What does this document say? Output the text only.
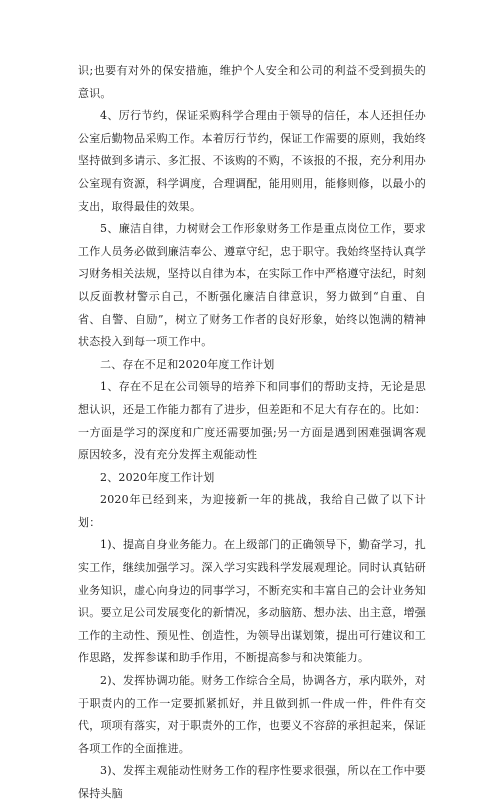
识;也要有对外的保安措施，维护个人安全和公司的利益不受到损失的意识。

4、厉行节约，保证采购科学合理由于领导的信任，本人还担任办公室后勤物品采购工作。本着厉行节约，保证工作需要的原则，我始终坚持做到多请示、多汇报、不该购的不购，不该报的不报，充分利用办公室现有资源，科学调度，合理调配，能用则用，能修则修，以最小的支出，取得最佳的效果。

5、廉洁自律，力树财会工作形象财务工作是重点岗位工作，要求工作人员务必做到廉洁奉公、遵章守纪，忠于职守。我始终坚持认真学习财务相关法规，坚持以自律为本，在实际工作中严格遵守法纪，时刻以反面教材警示自己，不断强化廉洁自律意识，努力做到“自重、自省、自警、自励”，树立了财务工作者的良好形象，始终以饱满的精神状态投入到每一项工作中。

二、存在不足和2020年度工作计划

1、存在不足在公司领导的培养下和同事们的帮助支持，无论是思想认识，还是工作能力都有了进步，但差距和不足大有存在的。比如：一方面是学习的深度和广度还需要加强;另一方面是遇到困难强调客观原因较多，没有充分发挥主观能动性

2、2020年度工作计划

2020年已经到来，为迎接新一年的挑战，我给自己做了以下计划：

1)、提高自身业务能力。在上级部门的正确领导下，勤奋学习，扎实工作，继续加强学习。深入学习实践科学发展观理论。同时认真钻研业务知识，虚心向身边的同事学习，不断充实和丰富自己的会计业务知识。要立足公司发展变化的新情况，多动脑筋、想办法、出主意，增强工作的主动性、预见性、创造性，为领导出谋划策，提出可行建议和工作思路，发挥参谋和助手作用，不断提高参与和决策能力。

2)、发挥协调功能。财务工作综合全局，协调各方，承内联外，对于职责内的工作一定要抓紧抓好，并且做到抓一件成一件，件件有交代，项项有落实，对于职责外的工作，也要义不容辞的承担起来，保证各项工作的全面推进。

3)、发挥主观能动性财务工作的程序性要求很强，所以在工作中要保持头脑
